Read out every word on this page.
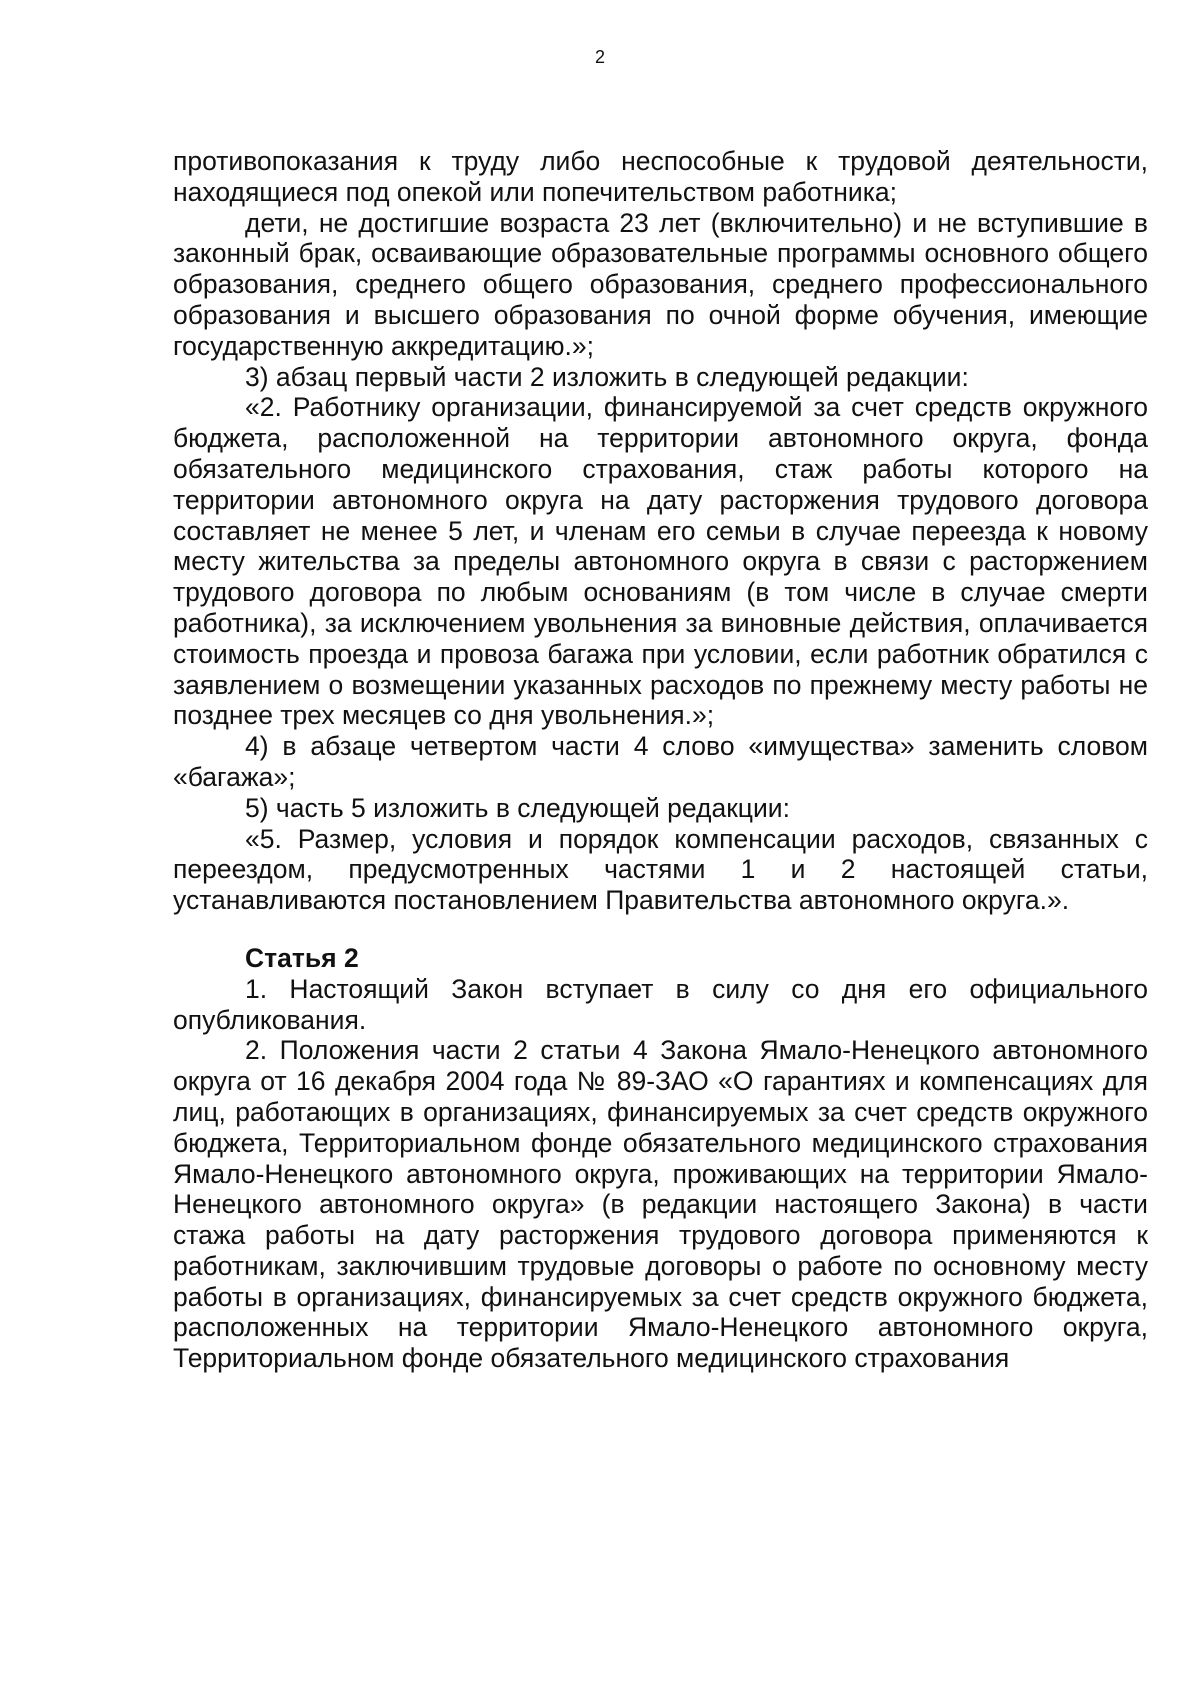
2

противопоказания к труду либо неспособные к трудовой деятельности, находящиеся под опекой или попечительством работника;

дети, не достигшие возраста 23 лет (включительно) и не вступившие в законный брак, осваивающие образовательные программы основного общего образования, среднего общего образования, среднего профессионального образования и высшего образования по очной форме обучения, имеющие государственную аккредитацию.»;

3) абзац первый части 2 изложить в следующей редакции:

«2. Работнику организации, финансируемой за счет средств окружного бюджета, расположенной на территории автономного округа, фонда обязательного медицинского страхования, стаж работы которого на территории автономного округа на дату расторжения трудового договора составляет не менее 5 лет, и членам его семьи в случае переезда к новому месту жительства за пределы автономного округа в связи с расторжением трудового договора по любым основаниям (в том числе в случае смерти работника), за исключением увольнения за виновные действия, оплачивается стоимость проезда и провоза багажа при условии, если работник обратился с заявлением о возмещении указанных расходов по прежнему месту работы не позднее трех месяцев со дня увольнения.»;

4) в абзаце четвертом части 4 слово «имущества» заменить словом «багажа»;

5) часть 5 изложить в следующей редакции:

«5. Размер, условия и порядок компенсации расходов, связанных с переездом, предусмотренных частями 1 и 2 настоящей статьи, устанавливаются постановлением Правительства автономного округа.».

Статья 2

1. Настоящий Закон вступает в силу со дня его официального опубликования.

2. Положения части 2 статьи 4 Закона Ямало-Ненецкого автономного округа от 16 декабря 2004 года № 89-ЗАО «О гарантиях и компенсациях для лиц, работающих в организациях, финансируемых за счет средств окружного бюджета, Территориальном фонде обязательного медицинского страхования Ямало-Ненецкого автономного округа, проживающих на территории Ямало-Ненецкого автономного округа» (в редакции настоящего Закона) в части стажа работы на дату расторжения трудового договора применяются к работникам, заключившим трудовые договоры о работе по основному месту работы в организациях, финансируемых за счет средств окружного бюджета, расположенных на территории Ямало-Ненецкого автономного округа, Территориальном фонде обязательного медицинского страхования
